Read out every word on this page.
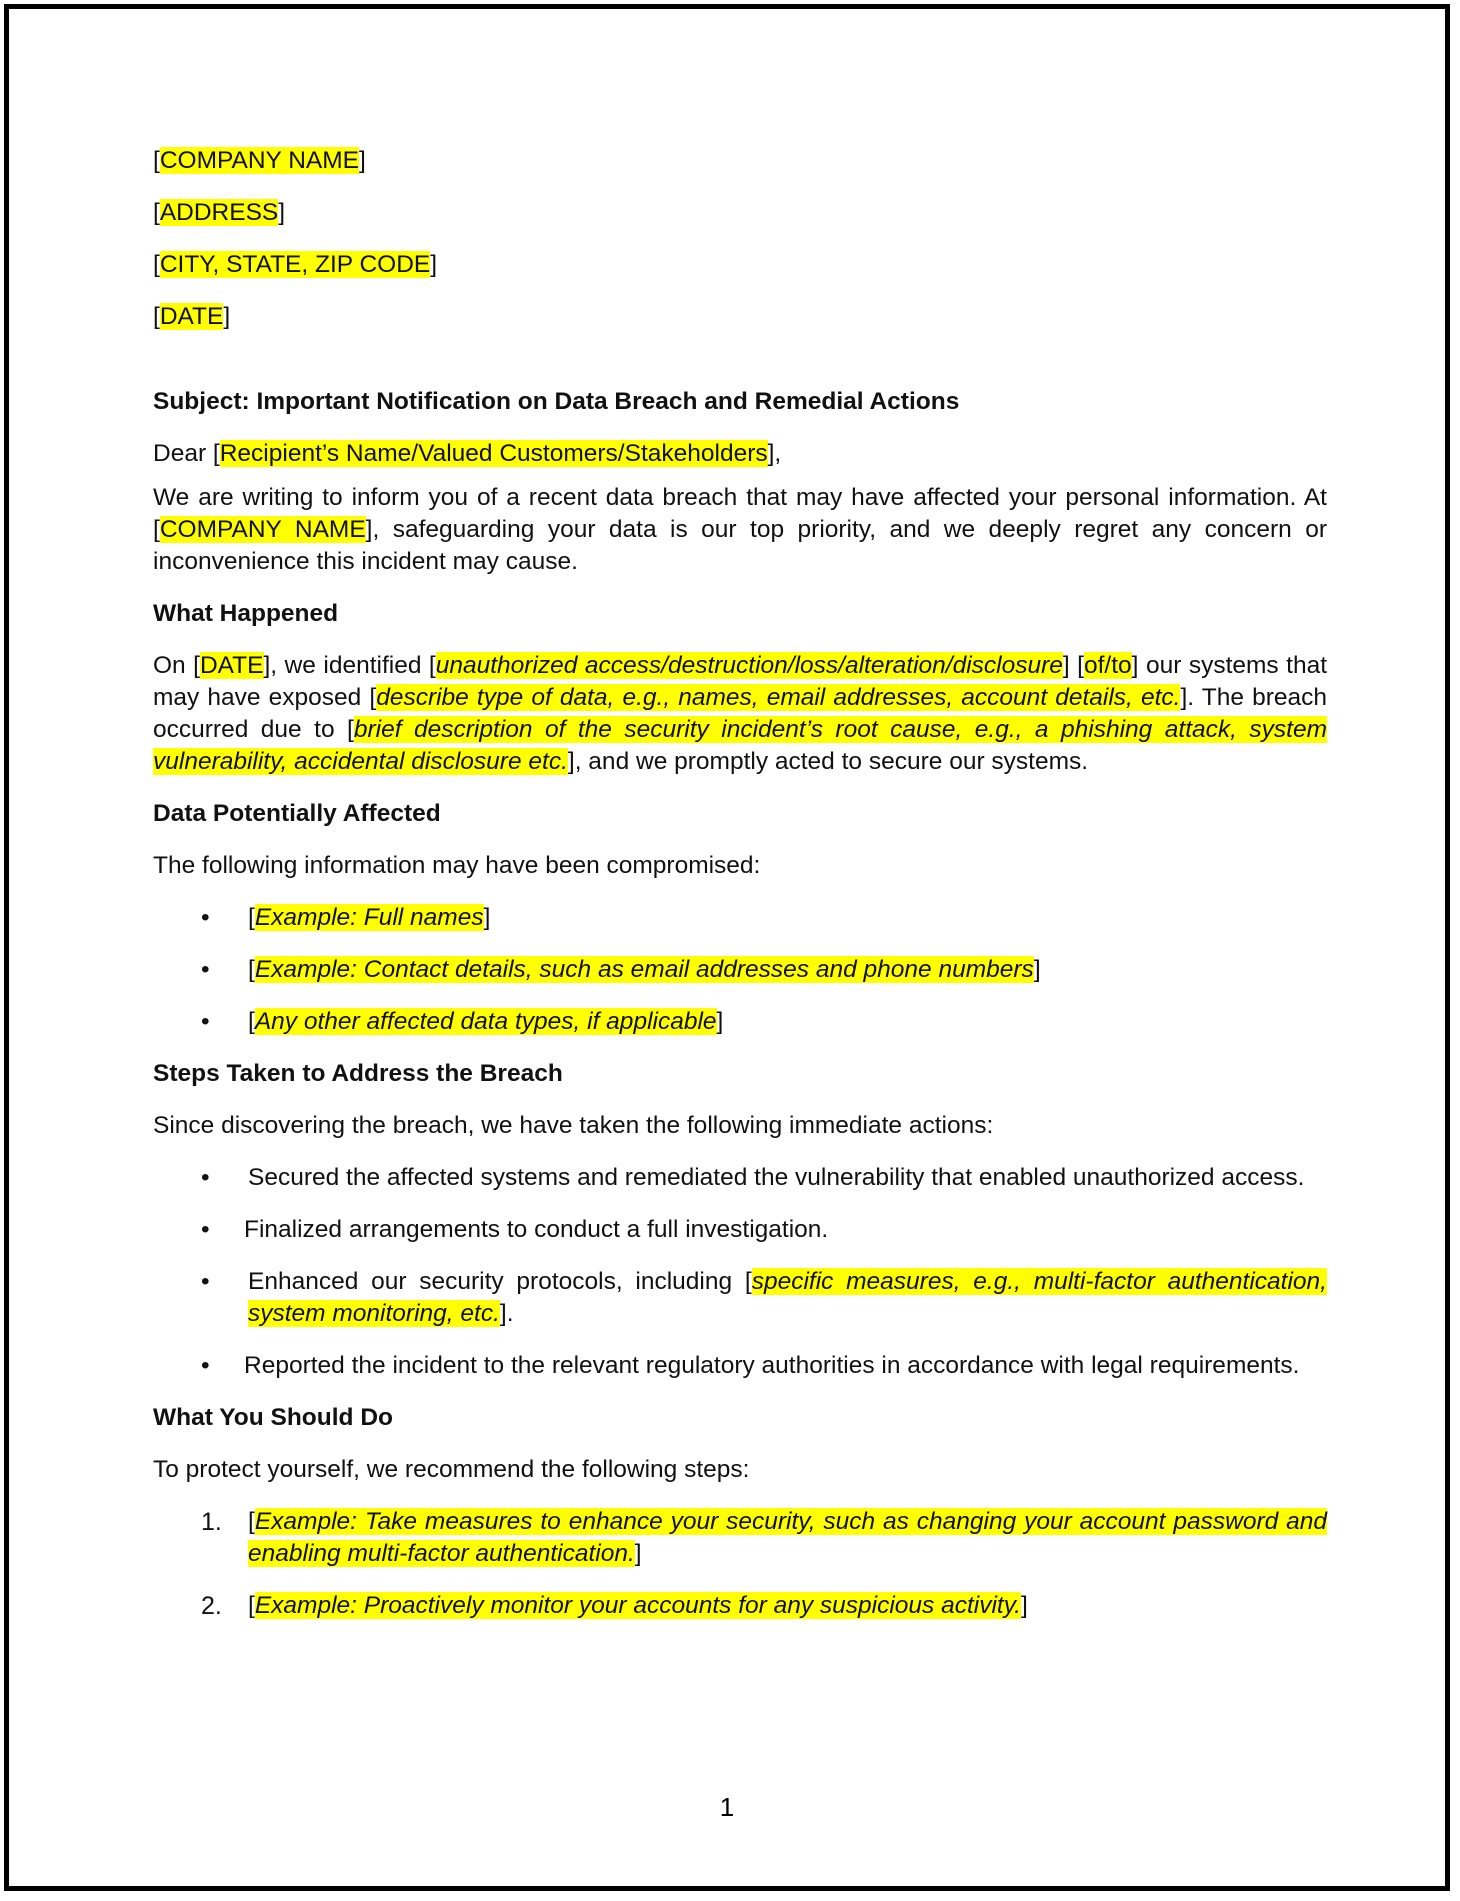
[COMPANY NAME]

[ADDRESS]

[CITY, STATE, ZIP CODE]

[DATE]

Subject: Important Notification on Data Breach and Remedial Actions

Dear [Recipient’s Name/Valued Customers/Stakeholders],

We are writing to inform you of a recent data breach that may have affected your personal information. At [COMPANY NAME], safeguarding your data is our top priority, and we deeply regret any concern or inconvenience this incident may cause.

What Happened

On [DATE], we identified [unauthorized access/destruction/loss/alteration/disclosure] [of/to] our systems that may have exposed [describe type of data, e.g., names, email addresses, account details, etc.]. The breach occurred due to [brief description of the security incident’s root cause, e.g., a phishing attack, system vulnerability, accidental disclosure etc.], and we promptly acted to secure our systems.

Data Potentially Affected

The following information may have been compromised:

• [Example: Full names]
• [Example: Contact details, such as email addresses and phone numbers]
• [Any other affected data types, if applicable]
Steps Taken to Address the Breach

Since discovering the breach, we have taken the following immediate actions:

• Secured the affected systems and remediated the vulnerability that enabled unauthorized access.
• Finalized arrangements to conduct a full investigation.
• Enhanced our security protocols, including [specific measures, e.g., multi-factor authentication, system monitoring, etc.].
• Reported the incident to the relevant regulatory authorities in accordance with legal requirements.
What You Should Do

To protect yourself, we recommend the following steps:

1. [Example: Take measures to enhance your security, such as changing your account password and enabling multi-factor authentication.]
2. [Example: Proactively monitor your accounts for any suspicious activity.]
1
